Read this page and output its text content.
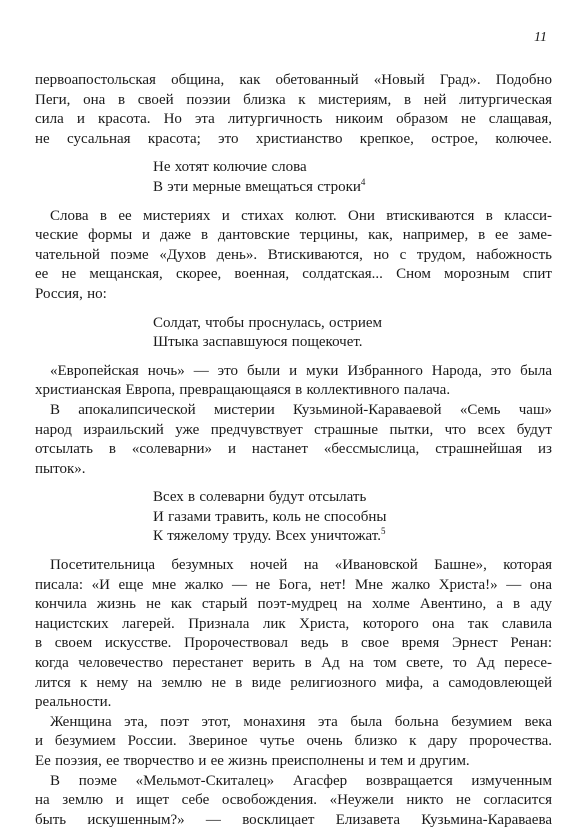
11
первоапостольская община, как обетованный «Новый Град». Подобно
Пеги, она в своей поэзии близка к мистериям, в ней литургическая
сила и красота. Но эта литургичность никоим образом не слащавая,
не сусальная красота; это христианство крепкое, острое, колючее.
Не хотят колючие слова
В эти мерные вмещаться строки$^4$
Слова в ее мистериях и стихах колют. Они втискиваются в класси-
ческие формы и даже в дантовские терцины, как, например, в ее заме-
чательной поэме «Духов день». Втискиваются, но с трудом, набожность
ее не мещанская, скорее, военная, солдатская... Сном морозным спит
Россия, но:
Солдат, чтобы проснулась, острием
Штыка заспавшуюся пощекочет.
«Европейская ночь» — это были и муки Избранного Народа, это была
христианская Европа, превращающаяся в коллективного палача.
В апокалипсической мистерии Кузьминой-Караваевой «Семь чаш»
народ израильский уже предчувствует страшные пытки, что всех будут
отсылать в «солеварни» и настанет «бессмыслица, страшнейшая из
пыток».
Всех в солеварни будут отсылать
И газами травить, коль не способны
К тяжелому труду. Всех уничтожат.$^5$
Посетительница безумных ночей на «Ивановской Башне», которая
писала: «И еще мне жалко — не Бога, нет! Мне жалко Христа!» — она
кончила жизнь не как старый поэт-мудрец на холме Авентино, а в аду
нацистских лагерей. Признала лик Христа, которого она так славила
в своем искусстве. Пророчествовал ведь в свое время Эрнест Ренан:
когда человечество перестанет верить в Ад на том свете, то Ад пересе-
лится к нему на землю не в виде религиозного мифа, а самодовлеющей
реальности.
Женщина эта, поэт этот, монахиня эта была больна безумием века
и безумием России. Звериное чутье очень близко к дару пророчества.
Ее поэзия, ее творчество и ее жизнь преисполнены и тем и другим.
В поэме «Мельмот-Скиталец» Агасфер возвращается измученным
на землю и ищет себе освобождения. «Неужели никто не согласится
быть искушенным?» — восклицает Елизавета Кузьмина-Караваева
